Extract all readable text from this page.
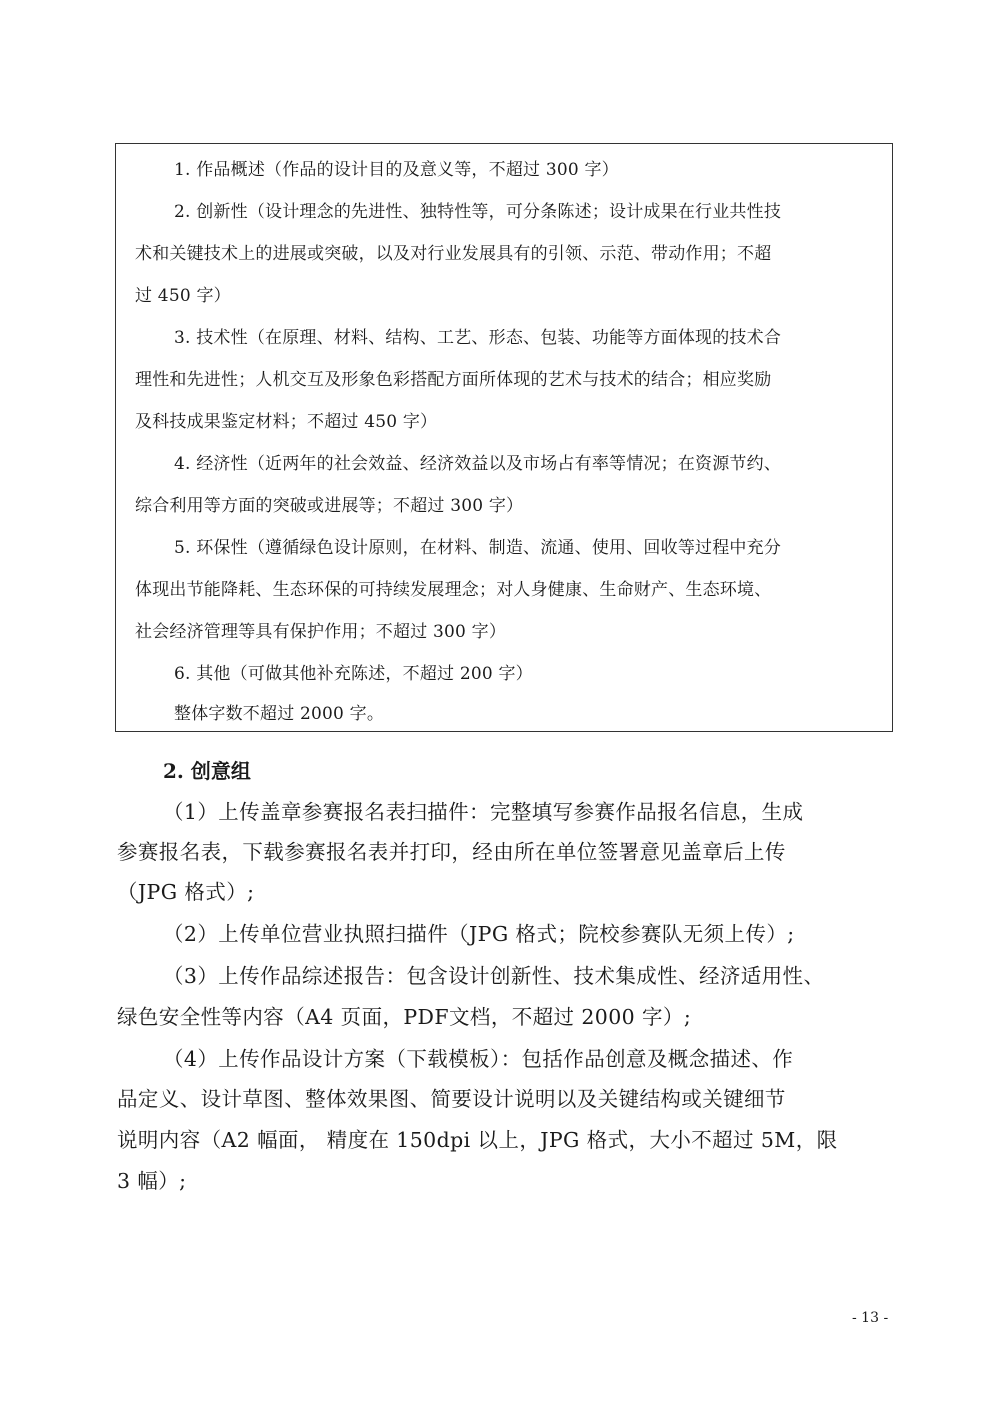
1. 作品概述（作品的设计目的及意义等，不超过 300 字）
2. 创新性（设计理念的先进性、独特性等，可分条陈述；设计成果在行业共性技
术和关键技术上的进展或突破，以及对行业发展具有的引领、示范、带动作用；不超
过 450 字）
3. 技术性（在原理、材料、结构、工艺、形态、包装、功能等方面体现的技术合
理性和先进性；人机交互及形象色彩搭配方面所体现的艺术与技术的结合；相应奖励
及科技成果鉴定材料；不超过 450 字）
4. 经济性（近两年的社会效益、经济效益以及市场占有率等情况；在资源节约、
综合利用等方面的突破或进展等；不超过 300 字）
5. 环保性（遵循绿色设计原则，在材料、制造、流通、使用、回收等过程中充分
体现出节能降耗、生态环保的可持续发展理念；对人身健康、生命财产、生态环境、
社会经济管理等具有保护作用；不超过 300 字）
6. 其他（可做其他补充陈述，不超过 200 字）
整体字数不超过 2000 字。
2. 创意组
（1）上传盖章参赛报名表扫描件：完整填写参赛作品报名信息，生成
参赛报名表，下载参赛报名表并打印，经由所在单位签署意见盖章后上传
（JPG 格式）;
（2）上传单位营业执照扫描件（JPG 格式；院校参赛队无须上传）;
（3）上传作品综述报告：包含设计创新性、技术集成性、经济适用性、
绿色安全性等内容（A4 页面，PDF文档，不超过 2000 字）;
（4）上传作品设计方案（下载模板）：包括作品创意及概念描述、作
品定义、设计草图、整体效果图、简要设计说明以及关键结构或关键细节
说明内容（A2 幅面， 精度在 150dpi 以上，JPG 格式，大小不超过 5M，限
3 幅）;
- 13 -
